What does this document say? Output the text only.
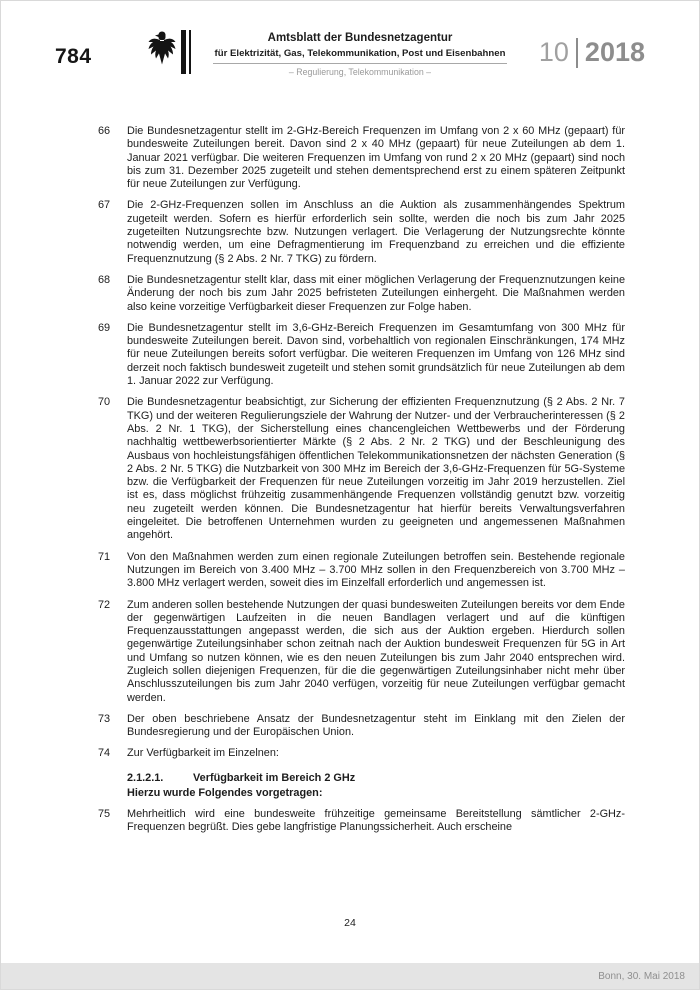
784
Amtsblatt der Bundesnetzagentur
für Elektrizität, Gas, Telekommunikation, Post und Eisenbahnen
– Regulierung, Telekommunikation –
10 2018
66	Die Bundesnetzagentur stellt im 2-GHz-Bereich Frequenzen im Umfang von 2 x 60 MHz (gepaart) für bundesweite Zuteilungen bereit. Davon sind 2 x 40 MHz (gepaart) für neue Zuteilungen ab dem 1. Januar 2021 verfügbar. Die weiteren Frequenzen im Umfang von rund 2 x 20 MHz (gepaart) sind noch bis zum 31. Dezember 2025 zugeteilt und stehen dementsprechend erst zu einem späteren Zeitpunkt für neue Zuteilungen zur Verfügung.
67	Die 2-GHz-Frequenzen sollen im Anschluss an die Auktion als zusammenhängendes Spektrum zugeteilt werden. Sofern es hierfür erforderlich sein sollte, werden die noch bis zum Jahr 2025 zugeteilten Nutzungsrechte bzw. Nutzungen verlagert. Die Verlagerung der Nutzungsrechte könnte notwendig werden, um eine Defragmentierung im Frequenzband zu erreichen und die effiziente Frequenznutzung (§ 2 Abs. 2 Nr. 7 TKG) zu fördern.
68	Die Bundesnetzagentur stellt klar, dass mit einer möglichen Verlagerung der Frequenznutzungen keine Änderung der noch bis zum Jahr 2025 befristeten Zuteilungen einhergeht. Die Maßnahmen werden also keine vorzeitige Verfügbarkeit dieser Frequenzen zur Folge haben.
69	Die Bundesnetzagentur stellt im 3,6-GHz-Bereich Frequenzen im Gesamtumfang von 300 MHz für bundesweite Zuteilungen bereit. Davon sind, vorbehaltlich von regionalen Einschränkungen, 174 MHz für neue Zuteilungen bereits sofort verfügbar. Die weiteren Frequenzen im Umfang von 126 MHz sind derzeit noch faktisch bundesweit zugeteilt und stehen somit grundsätzlich für neue Zuteilungen ab dem 1. Januar 2022 zur Verfügung.
70	Die Bundesnetzagentur beabsichtigt, zur Sicherung der effizienten Frequenznutzung (§ 2 Abs. 2 Nr. 7 TKG) und der weiteren Regulierungsziele der Wahrung der Nutzer- und der Verbraucherinteressen (§ 2 Abs. 2 Nr. 1 TKG), der Sicherstellung eines chancengleichen Wettbewerbs und der Förderung nachhaltig wettbewerbsorientierter Märkte (§ 2 Abs. 2 Nr. 2 TKG) und der Beschleunigung des Ausbaus von hochleistungsfähigen öffentlichen Telekommunikationsnetzen der nächsten Generation (§ 2 Abs. 2 Nr. 5 TKG) die Nutzbarkeit von 300 MHz im Bereich der 3,6-GHz-Frequenzen für 5G-Systeme bzw. die Verfügbarkeit der Frequenzen für neue Zuteilungen vorzeitig im Jahr 2019 herzustellen. Ziel ist es, dass möglichst frühzeitig zusammenhängende Frequenzen vollständig genutzt bzw. vorzeitig neu zugeteilt werden können. Die Bundesnetzagentur hat hierfür bereits Verwaltungsverfahren eingeleitet. Die betroffenen Unternehmen wurden zu geeigneten und angemessenen Maßnahmen angehört.
71	Von den Maßnahmen werden zum einen regionale Zuteilungen betroffen sein. Bestehende regionale Nutzungen im Bereich von 3.400 MHz – 3.700 MHz sollen in den Frequenzbereich von 3.700 MHz – 3.800 MHz verlagert werden, soweit dies im Einzelfall erforderlich und angemessen ist.
72	Zum anderen sollen bestehende Nutzungen der quasi bundesweiten Zuteilungen bereits vor dem Ende der gegenwärtigen Laufzeiten in die neuen Bandlagen verlagert und auf die künftigen Frequenzausstattungen angepasst werden, die sich aus der Auktion ergeben. Hierdurch sollen gegenwärtige Zuteilungsinhaber schon zeitnah nach der Auktion bundesweit Frequenzen für 5G in Art und Umfang so nutzen können, wie es den neuen Zuteilungen bis zum Jahr 2040 entsprechen wird. Zugleich sollen diejenigen Frequenzen, für die die gegenwärtigen Zuteilungsinhaber nicht mehr über Anschlusszuteilungen bis zum Jahr 2040 verfügen, vorzeitig für neue Zuteilungen verfügbar gemacht werden.
73	Der oben beschriebene Ansatz der Bundesnetzagentur steht im Einklang mit den Zielen der Bundesregierung und der Europäischen Union.
74	Zur Verfügbarkeit im Einzelnen:
2.1.2.1.	Verfügbarkeit im Bereich 2 GHz
Hierzu wurde Folgendes vorgetragen:
75	Mehrheitlich wird eine bundesweite frühzeitige gemeinsame Bereitstellung sämtlicher 2-GHz-Frequenzen begrüßt. Dies gebe langfristige Planungssicherheit. Auch erscheine
24
Bonn, 30. Mai 2018
